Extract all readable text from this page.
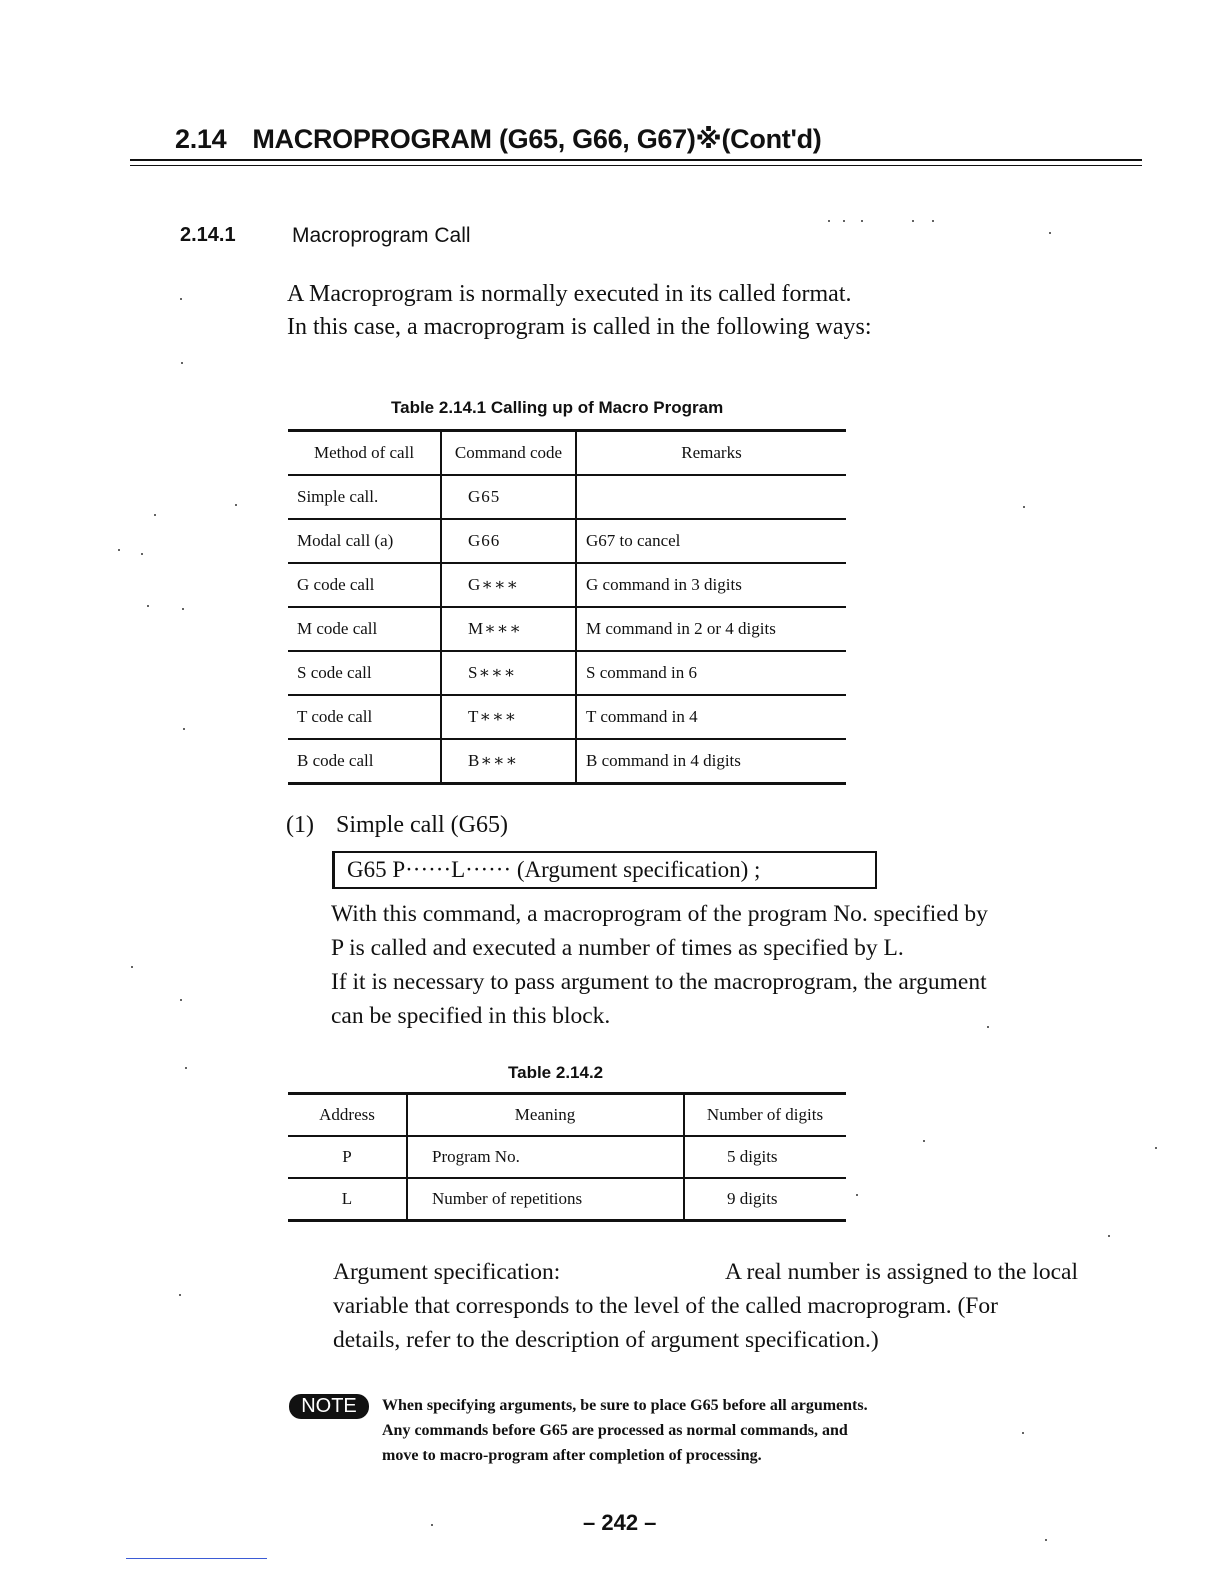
2.14 MACROPROGRAM (G65, G66, G67)※(Cont'd)
2.14.1	Macroprogram Call
A Macroprogram is normally executed in its called format.
In this case, a macroprogram is called in the following ways:
Table 2.14.1 Calling up of Macro Program
Method of call	Command code	Remarks
Simple call.	G65	
Modal call (a)	G66	G67 to cancel
G code call	G∗∗∗	G command in 3 digits
M code call	M∗∗∗	M command in 2 or 4 digits
S code call	S∗∗∗	S command in 6
T code call	T∗∗∗	T command in 4
B code call	B∗∗∗	B command in 4 digits
(1) Simple call (G65)
G65 P······L······ (Argument specification) ;
With this command, a macroprogram of the program No. specified by
P is called and executed a number of times as specified by L.
If it is necessary to pass argument to the macroprogram, the argument
can be specified in this block.
Table 2.14.2
Address	Meaning	Number of digits
P	Program No.	5 digits
L	Number of repetitions	9 digits
Argument specification:	A real number is assigned to the local
variable that corresponds to the level of the called macroprogram. (For
details, refer to the description of argument specification.)
NOTE	When specifying arguments, be sure to place G65 before all arguments.
Any commands before G65 are processed as normal commands, and
move to macro-program after completion of processing.
– 242 –
